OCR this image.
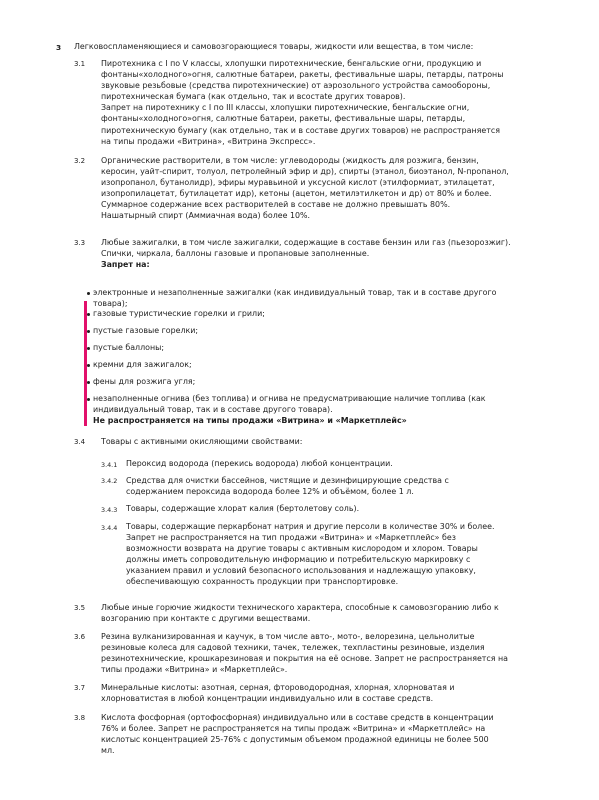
3 Легковоспламеняющиеся и самовозгорающиеся товары, жидкости или вещества, в том числе:

3.1 Пиротехника с I по V классы, хлопушки пиротехнические, бенгальские огни, продукцию и
фонтаны«холодного»огня, салютные батареи, ракеты, фестивальные шары, петарды, патроны
звуковые резьбовые (средства пиротехнические) от аэрозольного устройства самообороны,
пиротехническая бумага (как отдельно, так и всостаtе других товаров).
Запрет на пиротехнику с I по III классы, хлопушки пиротехнические, бенгальские огни,
фонтаны«холодного»огня, салютные батареи, ракеты, фестивальные шары, петарды,
пиротехническую бумагу (как отдельно, так и в составе других товаров) не распространяется
на типы продажи «Витрина», «Витрина Экспресс».
3.2 Органические растворители, в том числе: углеводороды (жидкость для розжига, бензин,
керосин, уайт-спирит, толуол, петролейный эфир и др), спирты (этанол, биоэтанол, N-пропанол,
изопропанол, бутанолидр), эфиры муравьиной и уксусной кислот (этилформиат, этилацетат,
изопропилацетат, бутилацетат идр), кетоны (ацетон, метилэтилкетон и др) от 80% и более.
Суммарное содержание всех растворителей в составе не должно превышать 80%.
Нашатырный спирт (Аммиачная вода) более 10%.
3.3 Любые зажигалки, в том числе зажигалки, содержащие в составе бензин или газ (пьезорозжиг).
Спички, чиркала, баллоны газовые и пропановые заполненные.
Запрет на:
электронные и незаполненные зажигалки (как индивидуальный товар, так и в составе другого
товара);
газовые туристические горелки и грили;
пустые газовые горелки;
пустые баллоны;
кремни для зажигалок;
фены для розжига угля;
незаполненные огнива (без топлива) и огнива не предусматривающие наличие топлива (как
индивидуальный товар, так и в составе другого товара).
Не распространяется на типы продажи «Витрина» и «Маркетплейс»
3.4 Товары с активными окисляющими свойствами:
3.4.1 Пероксид водорода (перекись водорода) любой концентрации.
3.4.2 Средства для очистки бассейнов, чистящие и дезинфицирующие средства с
содержанием пероксида водорода более 12% и объёмом, более 1 л.
3.4.3 Товары, содержащие хлорат калия (бертолетову соль).
3.4.4 Товары, содержащие перкарбонат натрия и другие персоли в количестве 30% и более.
Запрет не распространяется на тип продажи «Витрина» и «Маркетплейс» без
возможности возврата на другие товары с активным кислородом и хлором. Товары
должны иметь сопроводительную информацию и потребительскую маркировку с
указанием правил и условий безопасного использования и надлежащую упаковку,
обеспечивающую сохранность продукции при транспортировке.
3.5 Любые иные горючие жидкости технического характера, способные к самовозгоранию либо к
возгоранию при контакте с другими веществами.
3.6 Резина вулканизированная и каучук, в том числе авто-, мото-, велорезина, цельнолитые
резиновые колеса для садовой техники, тачек, тележек, техпластины резиновые, изделия
резинотехнические, крошкарезиновая и покрытия на её основе. Запрет не распространяется на
типы продажи «Витрина» и «Маркетплейс».
3.7 Минеральные кислоты: азотная, серная, фтороводородная, хлорная, хлорноватая и
хлорноватистая в любой концентрации индивидуально или в составе средств.
3.8 Кислота фосфорная (ортофосфорная) индивидуально или в составе средств в концентрации
76% и более. Запрет не распространяется на типы продаж «Витрина» и «Маркетплейс» на
кислотыс концентрацией 25-76% с допустимым объемом продажной единицы не более 500
мл.
